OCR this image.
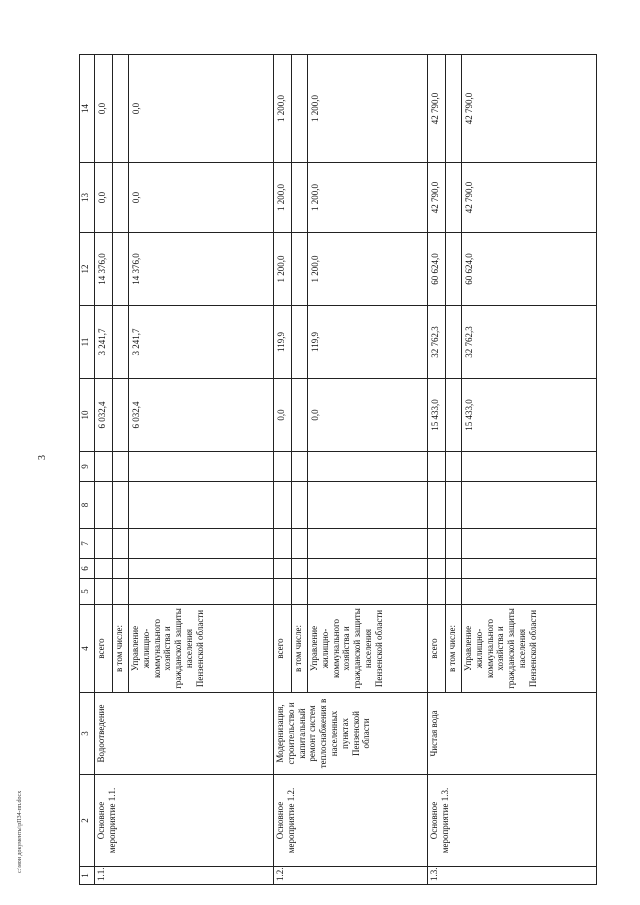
3
с:\мои документы\рП34-пп.docx
1	2	3	4	5	6	7	8	9	10	11	12	13	14
1.1.	Основное мероприятие 1.1.	Водоотведение	всего						6 032,4	3 241,7	14 376,0	0,0	0,0
			в том числе:										
			Управление жилищно-коммунального хозяйства и гражданской защиты населения Пензенской области						6 032,4	3 241,7	14 376,0	0,0	0,0
1.2.	Основное мероприятие 1.2.	Модернизация, строительство и капитальный ремонт систем теплоснабжения в населенных пунктах Пензенской области	всего						0,0	119,9	1 200,0	1 200,0	1 200,0
			в том числе:										
			Управление жилищно-коммунального хозяйства и гражданской защиты населения Пензенской области						0,0	119,9	1 200,0	1 200,0	1 200,0
1.3.	Основное мероприятие 1.3.	Чистая вода	всего						15 433,0	32 762,3	60 624,0	42 790,0	42 790,0
			в том числе:										
			Управление жилищно-коммунального хозяйства и гражданской защиты населения Пензенской области						15 433,0	32 762,3	60 624,0	42 790,0	42 790,0
